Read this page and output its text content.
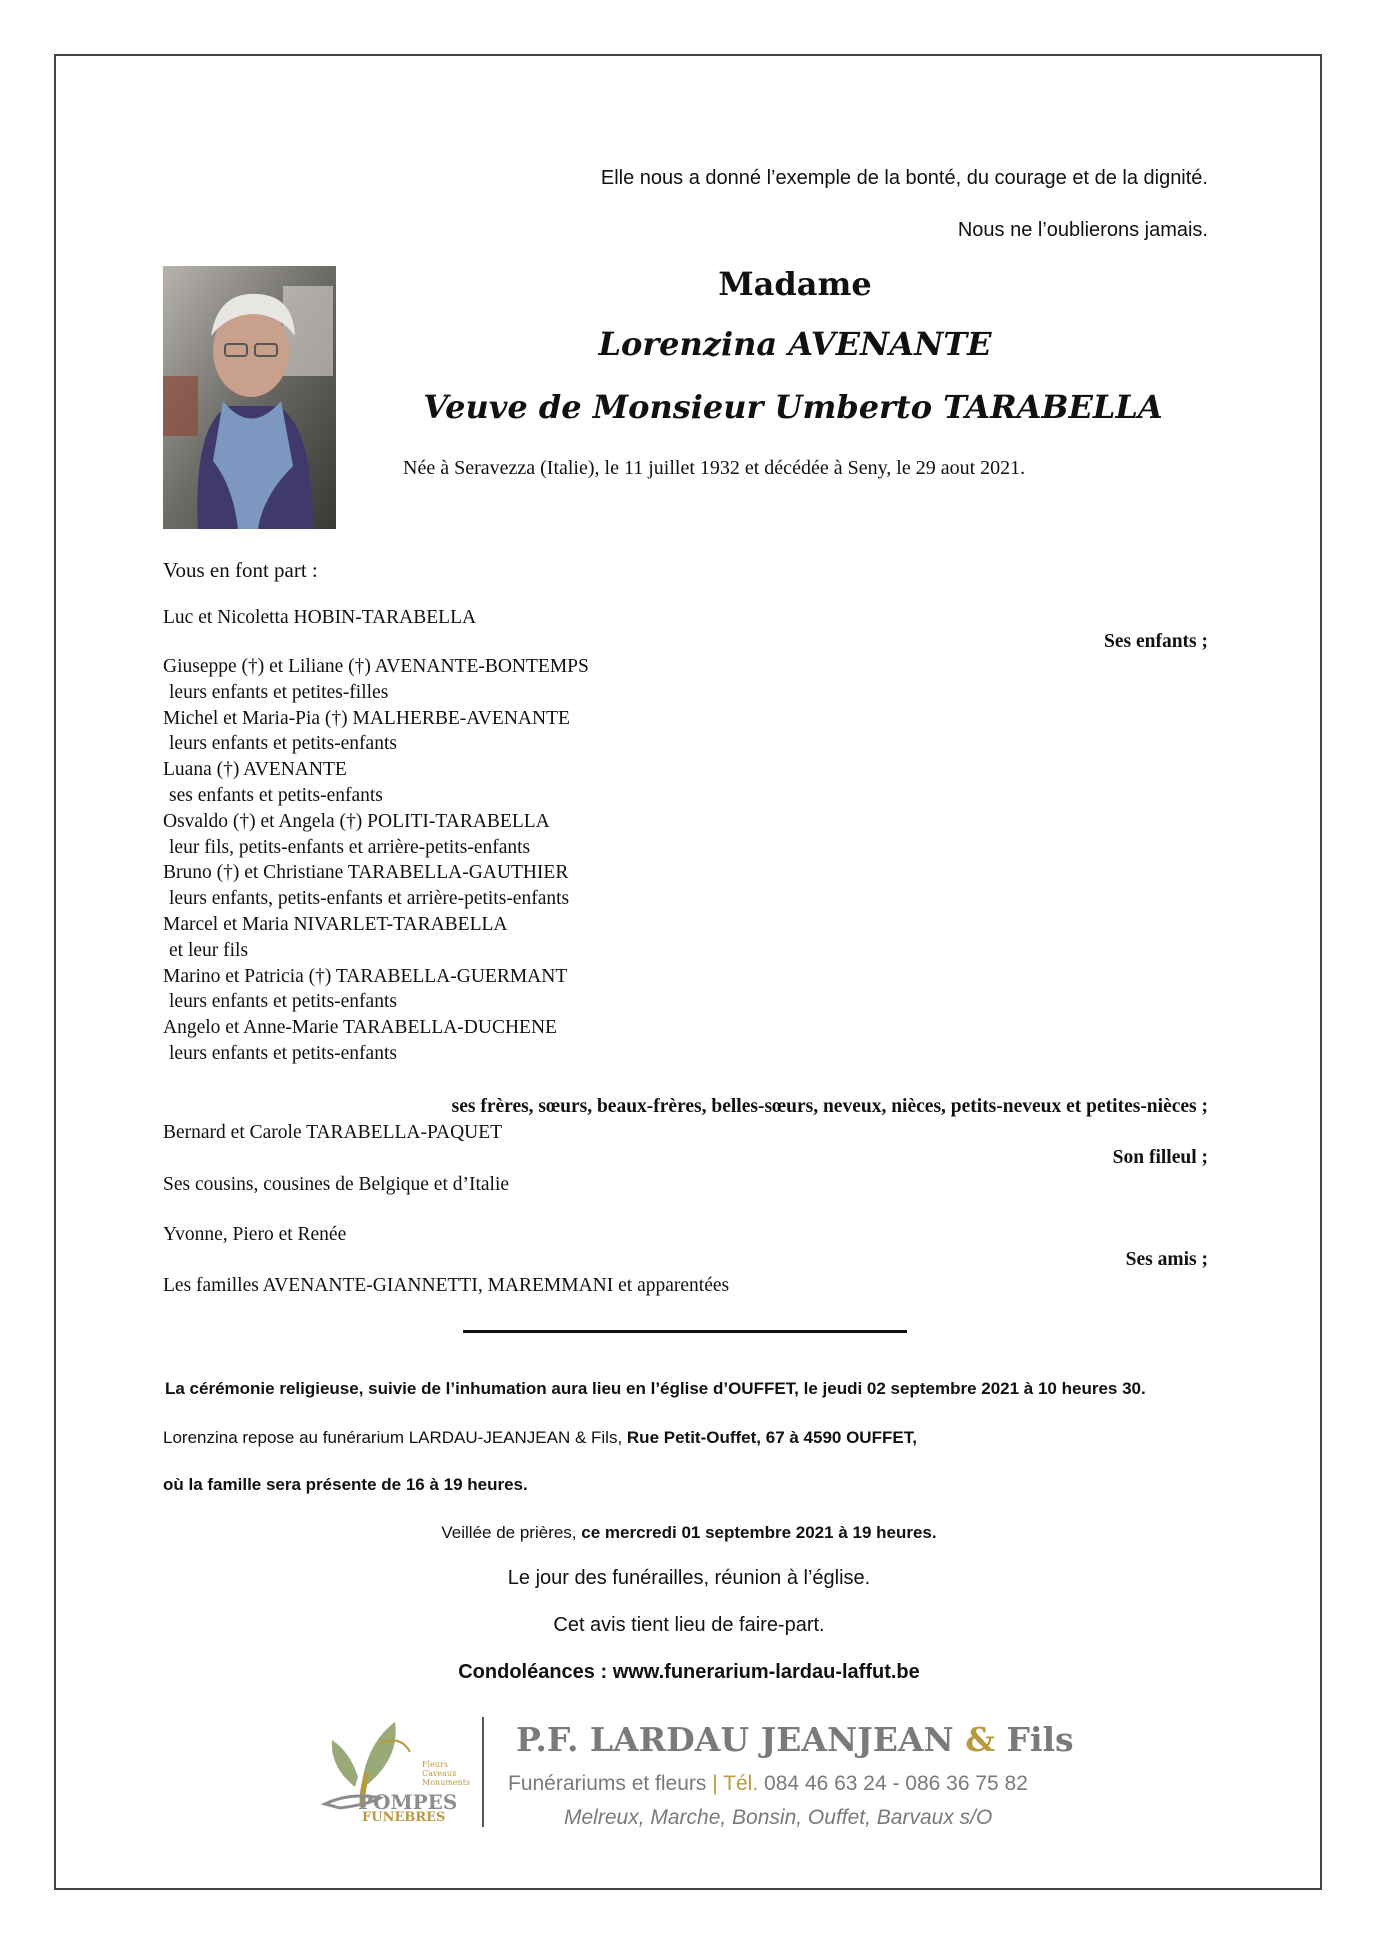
Elle nous a donné l’exemple de la bonté, du courage et de la dignité.
Nous ne l’oublierons jamais.
Madame
Lorenzina AVENANTE
Veuve de Monsieur Umberto TARABELLA
Née à Seravezza (Italie), le 11 juillet 1932 et décédée à Seny, le 29 aout 2021.
Vous en font part :
Luc et Nicoletta HOBIN-TARABELLA
Ses enfants ;
Giuseppe (†) et Liliane (†) AVENANTE-BONTEMPS
leurs enfants et petites-filles
Michel et Maria-Pia (†) MALHERBE-AVENANTE
leurs enfants et petits-enfants
Luana (†) AVENANTE
ses enfants et petits-enfants
Osvaldo (†) et Angela (†) POLITI-TARABELLA
leur fils, petits-enfants et arrière-petits-enfants
Bruno (†) et Christiane TARABELLA-GAUTHIER
leurs enfants, petits-enfants et arrière-petits-enfants
Marcel et Maria NIVARLET-TARABELLA
et leur fils
Marino et Patricia (†) TARABELLA-GUERMANT
leurs enfants et petits-enfants
Angelo et Anne-Marie TARABELLA-DUCHENE
leurs enfants et petits-enfants
ses frères, sœurs, beaux-frères, belles-sœurs, neveux, nièces, petits-neveux et petites-nièces ;
Bernard et Carole TARABELLA-PAQUET
Son filleul ;
Ses cousins, cousines de Belgique et d’Italie
Yvonne, Piero et Renée
Ses amis ;
Les familles AVENANTE-GIANNETTI, MAREMMANI et apparentées
La cérémonie religieuse, suivie de l’inhumation aura lieu en l’église d’OUFFET, le jeudi 02 septembre 2021 à 10 heures 30.
Lorenzina repose au funérarium LARDAU-JEANJEAN & Fils, Rue Petit-Ouffet, 67 à 4590 OUFFET,
où la famille sera présente de 16 à 19 heures.
Veillée de prières, ce mercredi 01 septembre 2021 à 19 heures.
Le jour des funérailles, réunion à l’église.
Cet avis tient lieu de faire-part.
Condoléances : www.funerarium-lardau-laffut.be
Fleurs
Caveaux
Monuments
POMPES
FUNEBRES
P.F. LARDAU JEANJEAN & Fils
Funérariums et fleurs | Tél. 084 46 63 24 - 086 36 75 82
Melreux, Marche, Bonsin, Ouffet, Barvaux s/O
